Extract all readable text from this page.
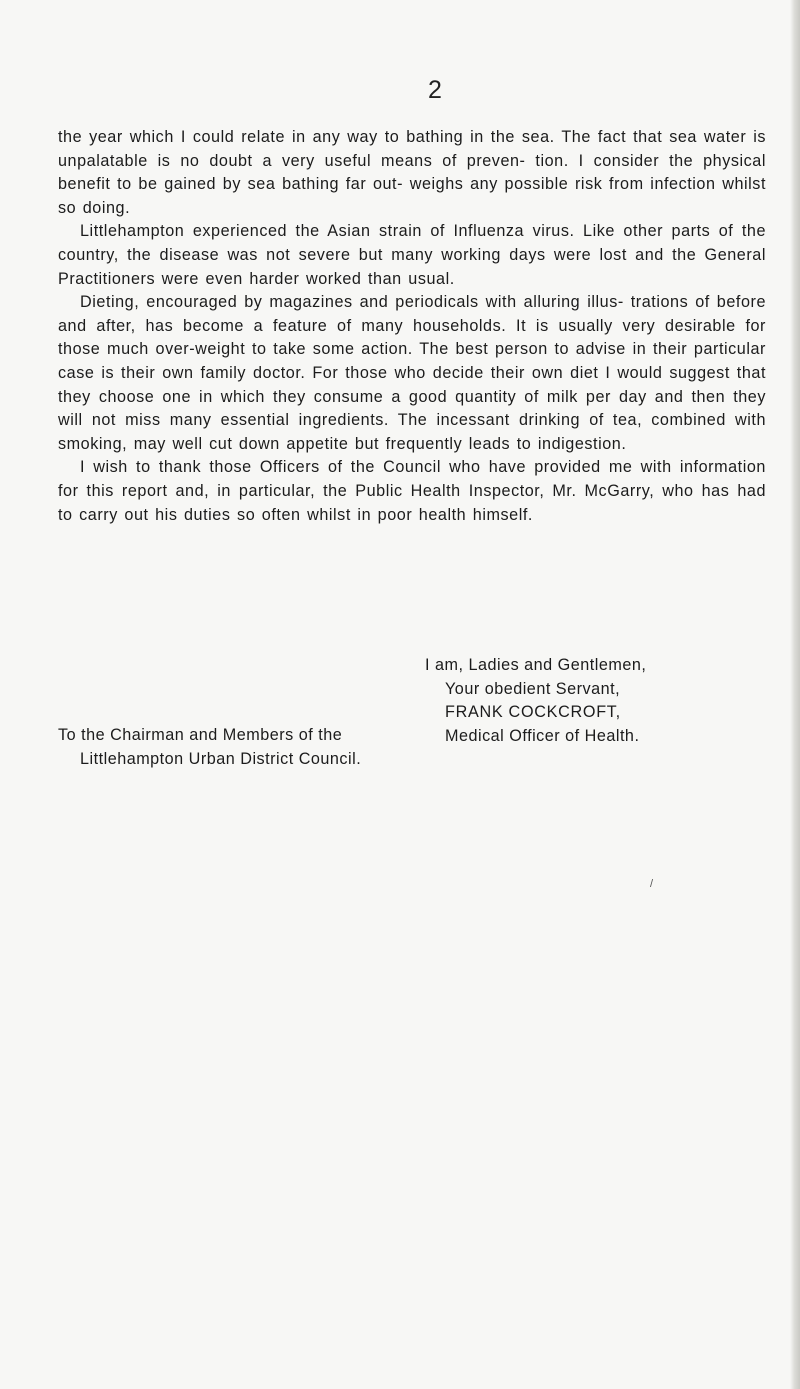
2

the year which I could relate in any way to bathing in the sea. The fact that sea water is unpalatable is no doubt a very useful means of preven- tion. I consider the physical benefit to be gained by sea bathing far out- weighs any possible risk from infection whilst so doing.

Littlehampton experienced the Asian strain of Influenza virus. Like other parts of the country, the disease was not severe but many working days were lost and the General Practitioners were even harder worked than usual.

Dieting, encouraged by magazines and periodicals with alluring illus- trations of before and after, has become a feature of many households. It is usually very desirable for those much over-weight to take some action. The best person to advise in their particular case is their own family doctor. For those who decide their own diet I would suggest that they choose one in which they consume a good quantity of milk per day and then they will not miss many essential ingredients. The incessant drinking of tea, combined with smoking, may well cut down appetite but frequently leads to indigestion.

I wish to thank those Officers of the Council who have provided me with information for this report and, in particular, the Public Health Inspector, Mr. McGarry, who has had to carry out his duties so often whilst in poor health himself.

I am, Ladies and Gentlemen,
Your obedient Servant,
FRANK COCKCROFT,
Medical Officer of Health.
To the Chairman and Members of the
Littlehampton Urban District Council.
/
